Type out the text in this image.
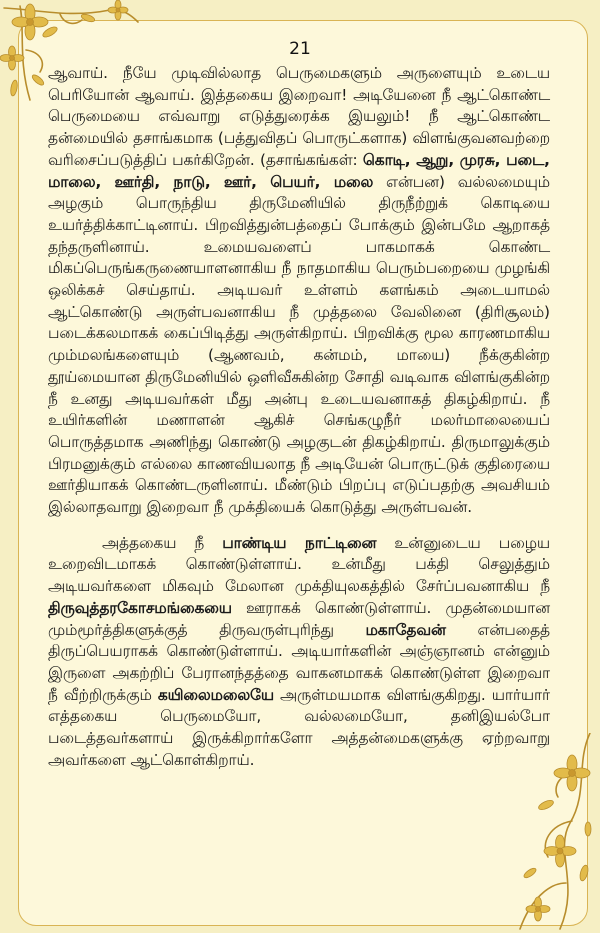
21

ஆவாய். நீயே முடிவில்லாத பெருமைகளும் அருளையும் உடைய பெரியோன் ஆவாய். இத்தகைய இறைவா! அடியேனை நீ ஆட்கொண்ட பெருமையை எவ்வாறு எடுத்துரைக்க இயலும்! நீ ஆட்கொண்ட தன்மையில் தசாங்கமாக (பத்துவிதப் பொருட்களாக) விளங்குவனவற்றை வரிசைப்படுத்திப் பகர்கிறேன். (தசாங்கங்கள்: கொடி, ஆறு, முரசு, படை, மாலை, ஊர்தி, நாடு, ஊர், பெயர், மலை என்பன) வல்லமையும் அழகும் பொருந்திய திருமேனியில் திருநீற்றுக் கொடியை உயர்த்திக்காட்டினாய். பிறவித்துன்பத்தைப் போக்கும் இன்பமே ஆறாகத் தந்தருளினாய். உமையவளைப் பாகமாகக் கொண்ட மிகப்பெருங்கருணையாளனாகிய நீ நாதமாகிய பெரும்பறையை முழங்கி ஒலிக்கச் செய்தாய். அடியவர் உள்ளம் களங்கம் அடையாமல் ஆட்கொண்டு அருள்பவனாகிய நீ முத்தலை வேலினை (திரிசூலம்) படைக்கலமாகக் கைப்பிடித்து அருள்கிறாய். பிறவிக்கு மூல காரணமாகிய மும்மலங்களையும் (ஆணவம், கன்மம், மாயை) நீக்குகின்ற தூய்மையான திருமேனியில் ஒளிவீசுகின்ற சோதி வடிவாக விளங்குகின்ற நீ உனது அடியவர்கள் மீது அன்பு உடையவனாகத் திகழ்கிறாய். நீ உயிர்களின் மணாளன் ஆகிச் செங்கழுநீர் மலர்மாலையைப் பொருத்தமாக அணிந்து கொண்டு அழகுடன் திகழ்கிறாய். திருமாலுக்கும் பிரமனுக்கும் எல்லை காணவியலாத நீ அடியேன் பொருட்டுக் குதிரையை ஊர்தியாகக் கொண்டருளினாய். மீண்டும் பிறப்பு எடுப்பதற்கு அவசியம் இல்லாதவாறு இறைவா நீ முக்தியைக் கொடுத்து அருள்பவன்.

அத்தகைய நீ பாண்டிய நாட்டினை உன்னுடைய பழைய உறைவிடமாகக் கொண்டுள்ளாய். உன்மீது பக்தி செலுத்தும் அடியவர்களை மிகவும் மேலான முக்தியுலகத்தில் சேர்ப்பவனாகிய நீ திருவுத்தரகோசமங்கையை ஊராகக் கொண்டுள்ளாய். முதன்மையான மும்மூர்த்திகளுக்குத் திருவருள்புரிந்து மகாதேவன் என்பதைத் திருப்பெயராகக் கொண்டுள்ளாய். அடியார்களின் அஞ்ஞானம் என்னும் இருளை அகற்றிப் பேரானந்தத்தை வாகனமாகக் கொண்டுள்ள இறைவா நீ வீற்றிருக்கும் கயிலைமலையே அருள்மயமாக விளங்குகிறது. யார்யார் எத்தகைய பெருமையோ, வல்லமையோ, தனிஇயல்போ படைத்தவர்களாய் இருக்கிறார்களோ அத்தன்மைகளுக்கு ஏற்றவாறு அவர்களை ஆட்கொள்கிறாய்.
